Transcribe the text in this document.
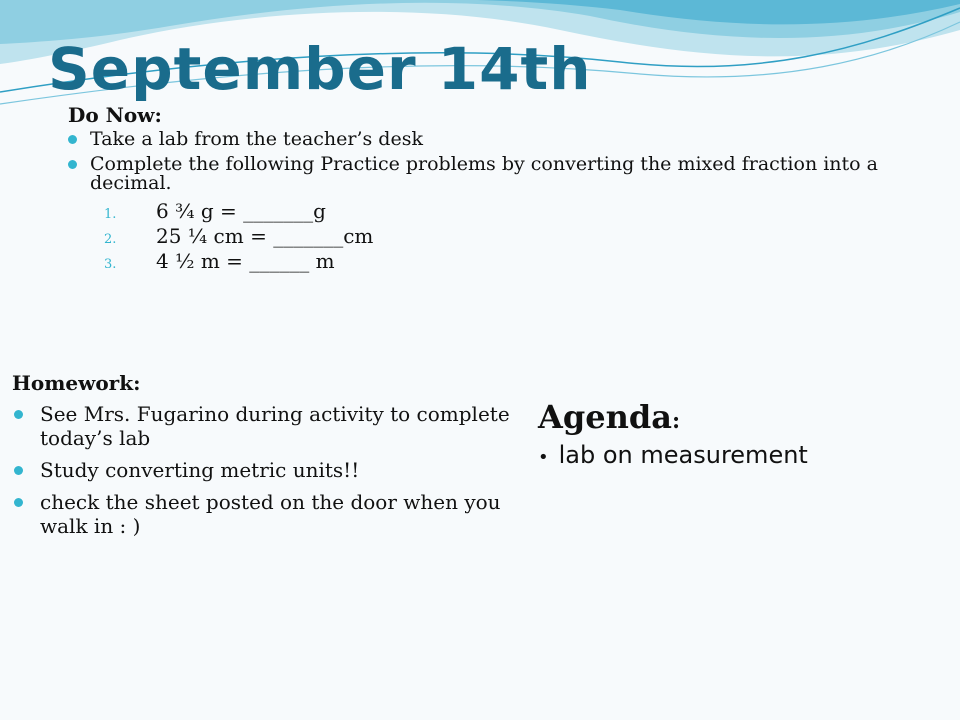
September 14th
Do Now:
Take a lab from the teacher’s desk
Complete the following Practice problems by converting the mixed fraction into a decimal.
1. 6 ¾ g = _______g
2. 25 ¼ cm = _______cm
3. 4 ½ m = ______ m
Homework:
See Mrs. Fugarino during activity to complete today’s lab
Study converting metric units!!
check the sheet posted on the door when you walk in : )
Agenda:
• lab on measurement
